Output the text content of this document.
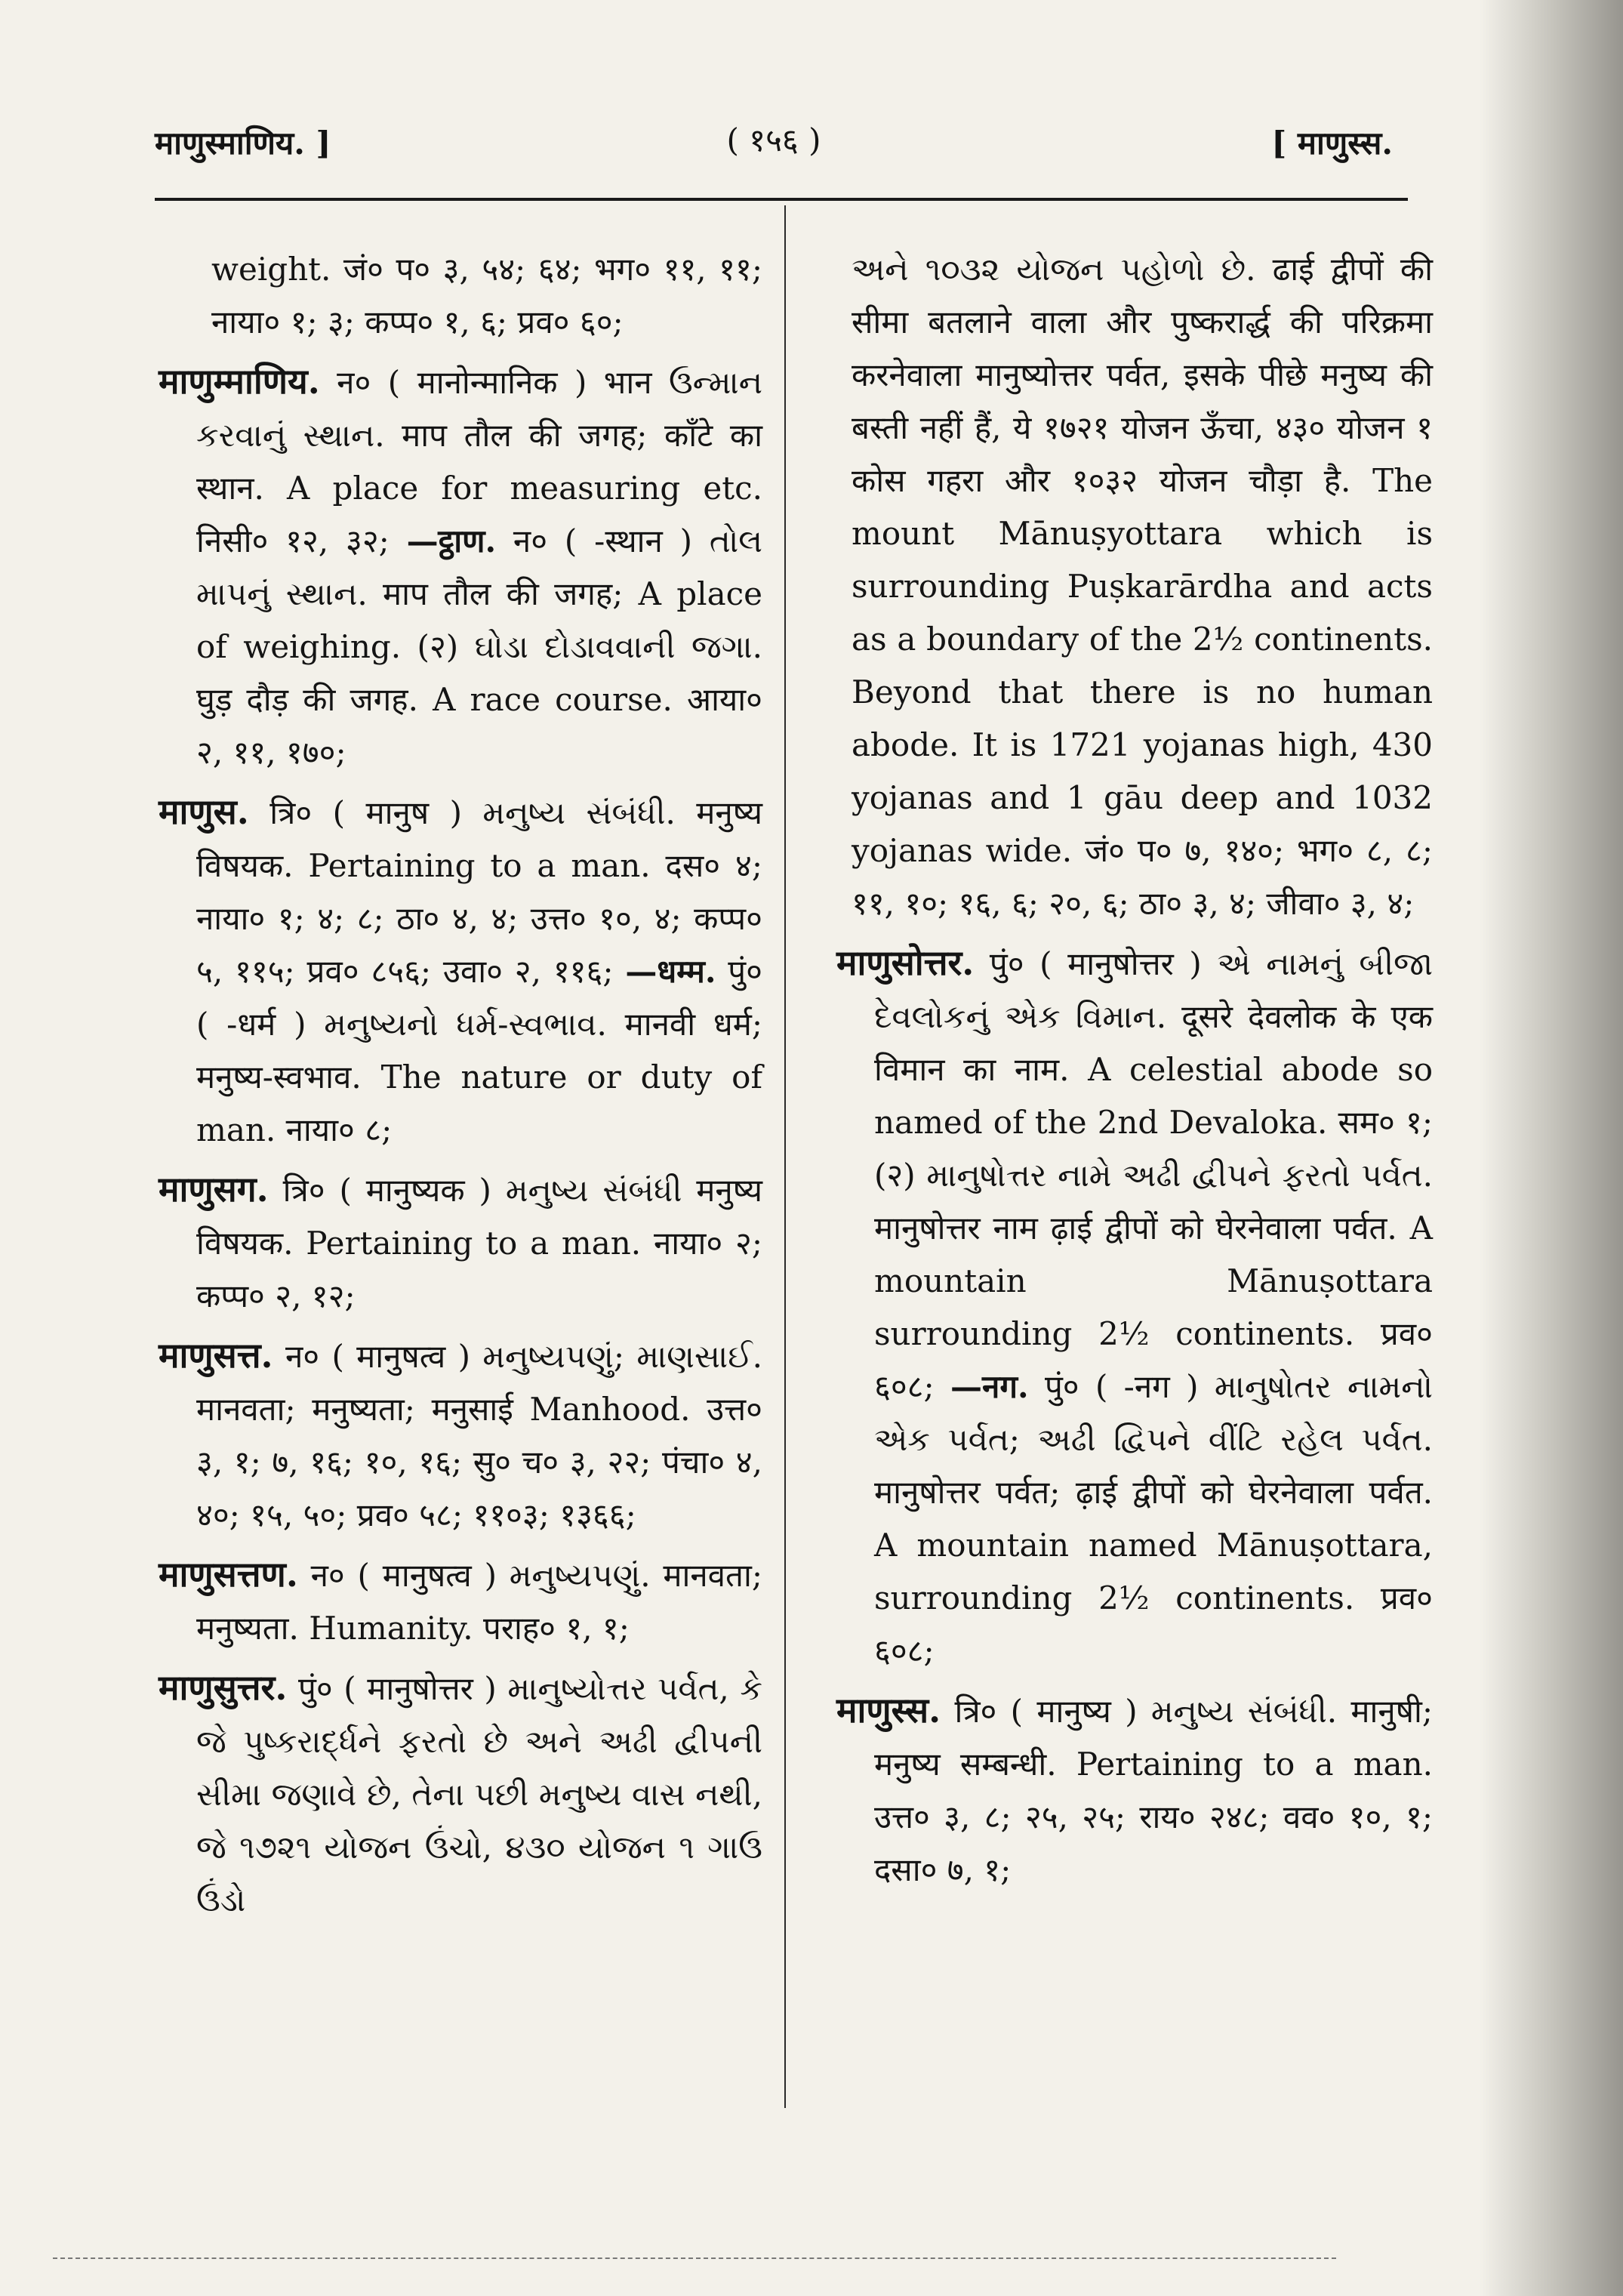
माणुस्माणिय. ]	( १५६ )	[ माणुस्स.

weight. जं० प० ३, ५४; ६४; भग० ११, ११; नाया० १; ३; कप्प० १, ६; प्रव० ६०;

माणुम्माणिय. न० ( मानोन्मानिक ) भान ઉન્માન કરવાનું સ્થાન. माप तौल की जगह; काँटे का स्थान. A place for measuring etc. निसी० १२, ३२; —ट्ठाण. न० ( -स्थान ) તોલ માપનું સ્થાન. माप तौल की जगह; A place of weighing. (२) ઘોડા દોડાવવાની જગા. घुड़ दौड़ की जगह. A race course. आया० २, ११, १७०;

माणुस. त्रि० ( मानुष ) મનુષ્ય સંબંધી. मनुष्य विषयक. Pertaining to a man. दस० ४; नाया० १; ४; ८; ठा० ४, ४; उत्त० १०, ४; कप्प० ५, ११५; प्रव० ८५६; उवा० २, ११६; —धम्म. पुं० ( -धर्म ) મનુષ્યનો ધર્મ-સ્વભાવ. मानवी धर्म; मनुष्य-स्वभाव. The nature or duty of man. नाया० ८;

माणुसग. त्रि० ( मानुष्यक ) મનુષ્ય સંબંધી मनुष्य विषयक. Pertaining to a man. नाया० २; कप्प० २, १२;

माणुसत्त. न० ( मानुषत्व ) મનુષ્યપણું; માણસાઈ. मानवता; मनुष्यता; मनुसाई Manhood. उत्त० ३, १; ७, १६; १०, १६; सु० च० ३, २२; पंचा० ४, ४०; १५, ५०; प्रव० ५८; ११०३; १३६६;

माणुसत्तण. न० ( मानुषत्व ) મનુષ્યપણું. मानवता; मनुष्यता. Humanity. पराह० १, १;

माणुसुत्तर. पुं० ( मानुषोत्तर ) માનુષ્યોત્તર પર્વત, કે જે પુષ્કરાર્દ્ધને ફરતો છે અને અઢી દ્વીપની સીમા જણાવે છે, તેના પછી મનુષ્ય વાસ નથી, જે ૧૭૨૧ યોજન ઉંચો, ૪૩૦ યોજન ૧ ગાઉ ઉંડો

અને ૧૦૩૨ યોજન પહોળો છે. ढाई द्वीपों की सीमा बतलाने वाला और पुष्करार्द्ध की परिक्रमा करनेवाला मानुष्योत्तर पर्वत, इसके पीछे मनुष्य की बस्ती नहीं हैं, ये १७२१ योजन ऊँचा, ४३० योजन १ कोस गहरा और १०३२ योजन चौड़ा है. The mount Mānuṣyottara which is surrounding Puṣkarārdha and acts as a boundary of the 2½ continents. Beyond that there is no human abode. It is 1721 yojanas high, 430 yojanas and 1 gāu deep and 1032 yojanas wide. जं० प० ७, १४०; भग० ८, ८; ११, १०; १६, ६; २०, ६; ठा० ३, ४; जीवा० ३, ४;

माणुसोत्तर. पुं० ( मानुषोत्तर ) એ નામનું બીજા દેવલોકનું એક વિમાન. दूसरे देवलोक के एक विमान का नाम. A celestial abode so named of the 2nd Devaloka. सम० १; (२) માનુષોત્તર નામે અઢી દ્વીપને ફરતો પર્વત. मानुषोत्तर नाम ढ़ाई द्वीपों को घेरनेवाला पर्वत. A mountain Mānuṣottara surrounding 2½ continents. प्रव० ६०८; —नग. पुं० ( -नग ) માનુષોતર નામનો એક પર્વત; અઢી દ્વિપને વીંટિ રહેલ પર્વત. मानुषोत्तर पर्वत; ढ़ाई द्वीपों को घेरनेवाला पर्वत. A mountain named Mānuṣottara, surrounding 2½ continents. प्रव० ६०८;

माणुस्स. त्रि० ( मानुष्य ) મનુષ્ય સંબંધી. मानुषी; मनुष्य सम्बन्धी. Pertaining to a man. उत्त० ३, ८; २५, २५; राय० २४८; वव० १०, १; दसा० ७, १;
